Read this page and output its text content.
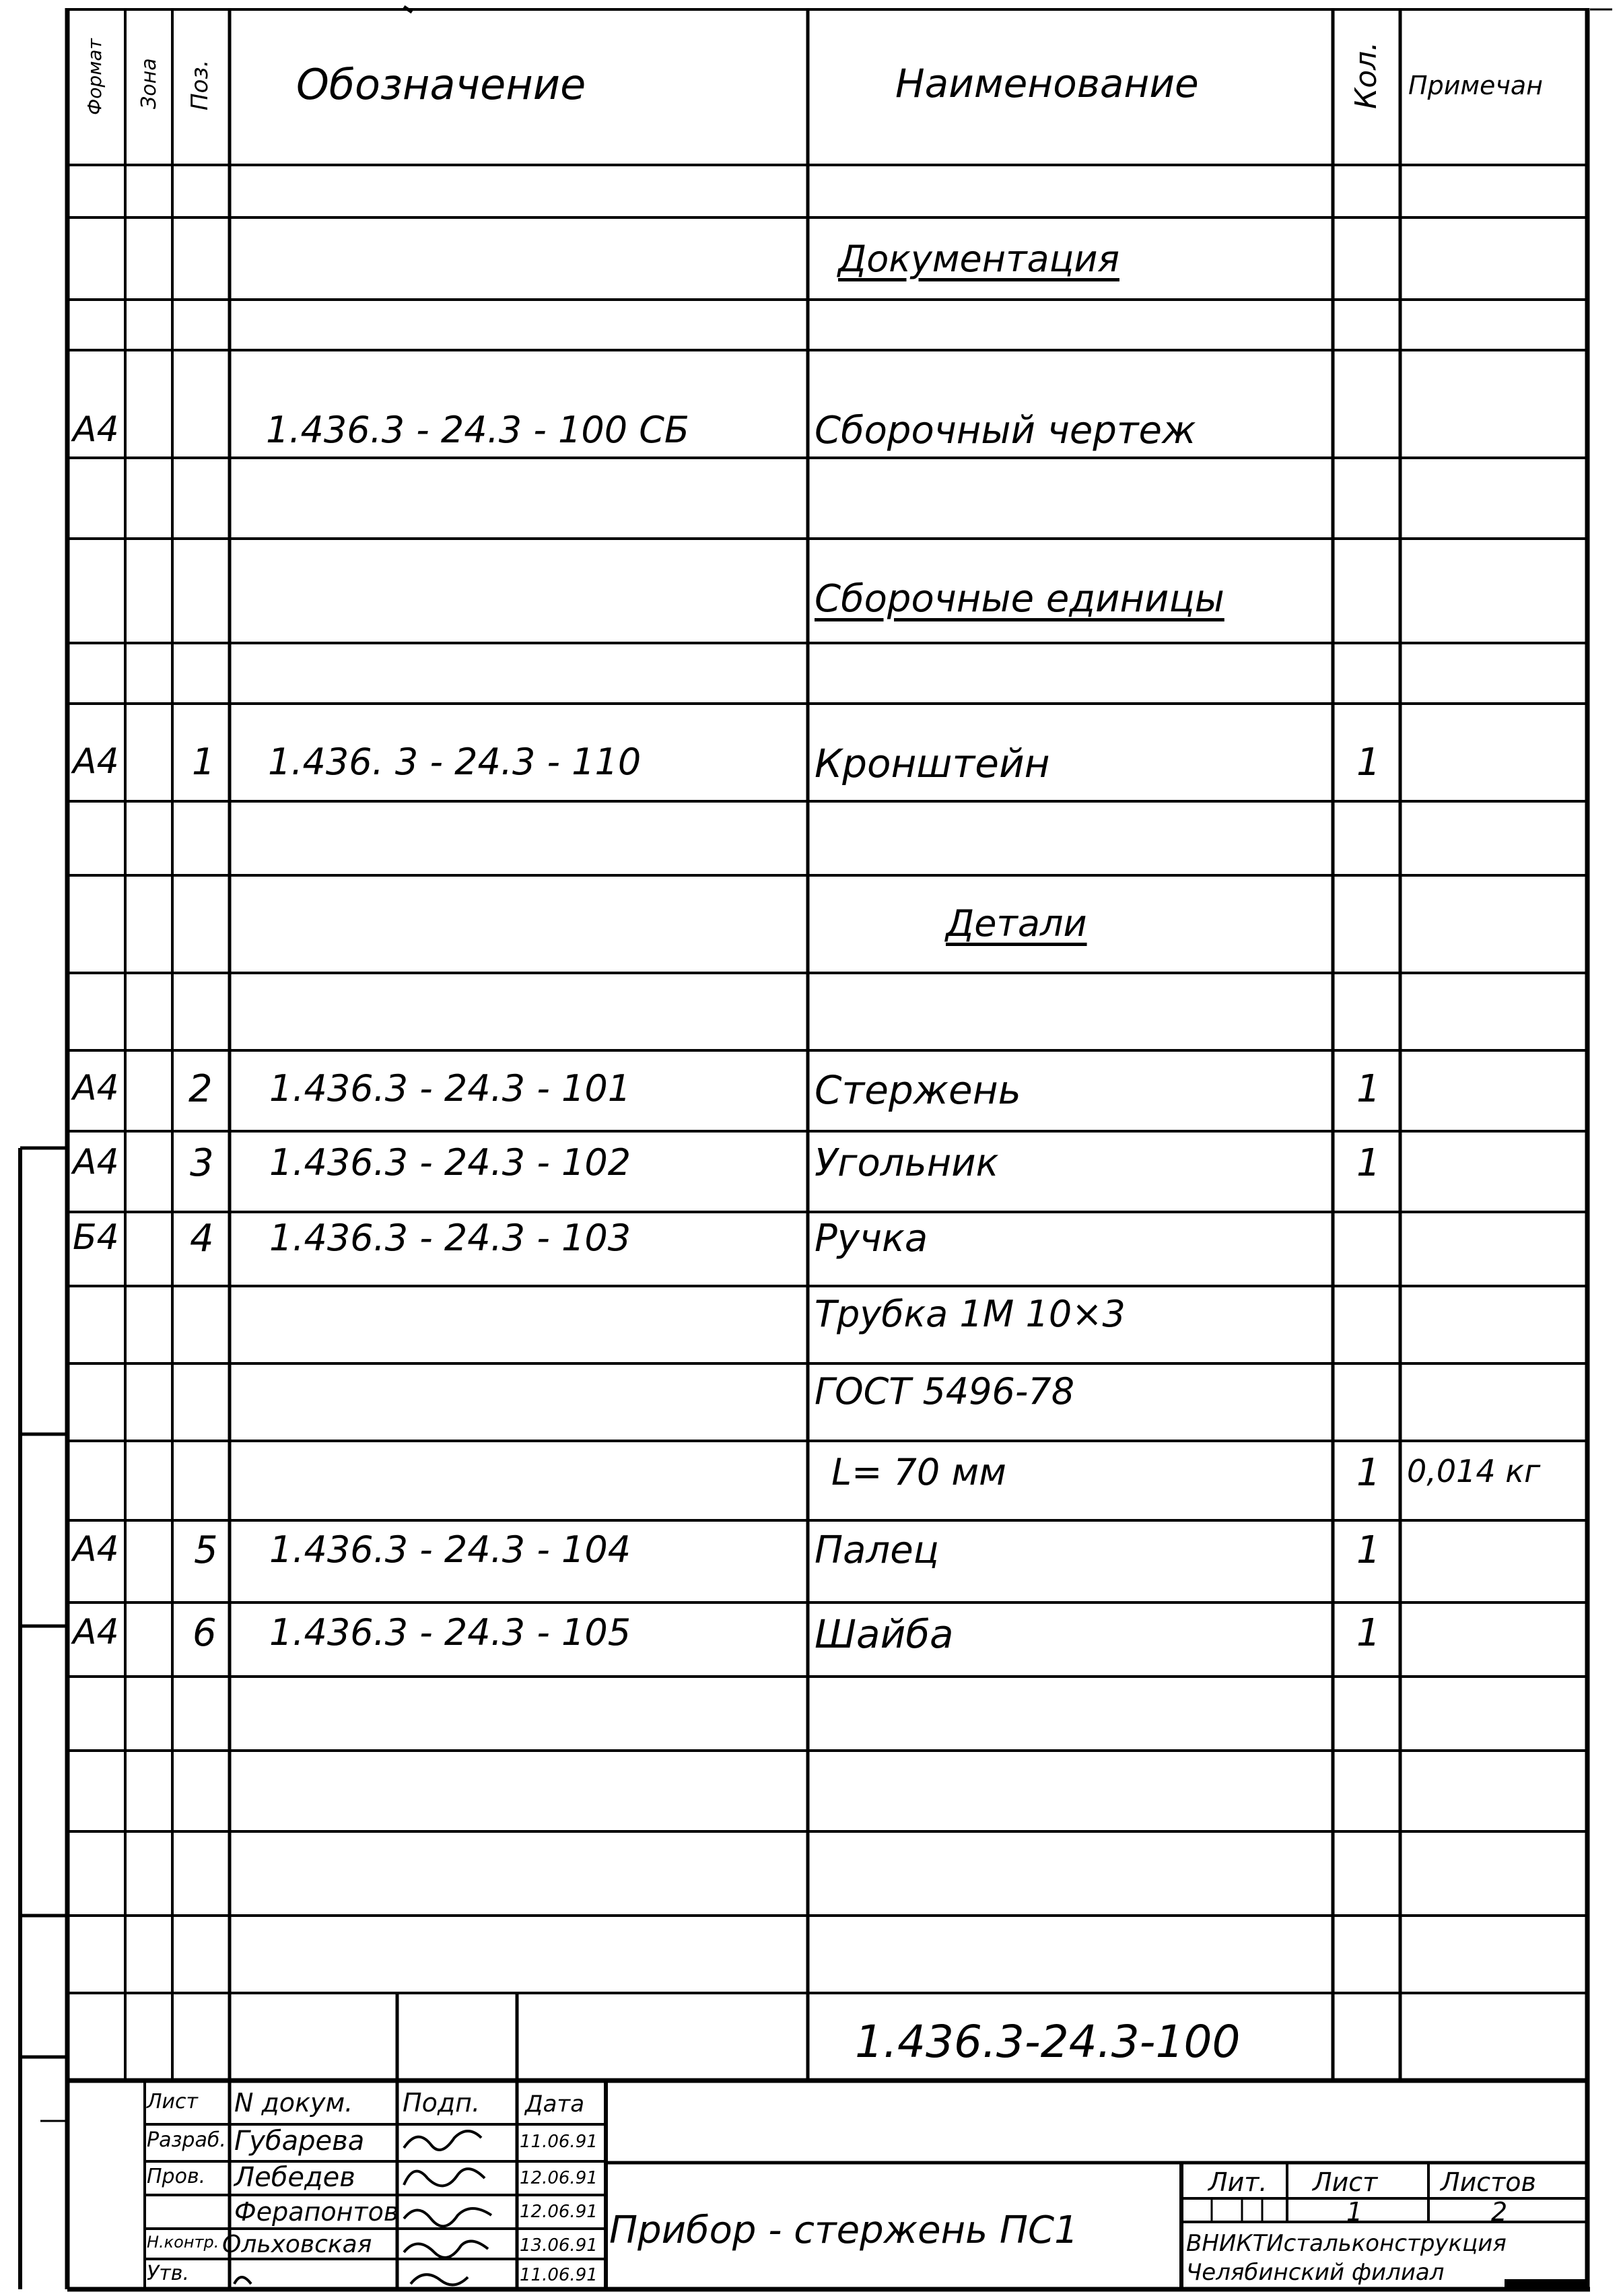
Формат Зона Поз. Обозначение	Наименование	Кол. Примечан
Документация
А4	1.436.3 - 24.3 - 100 СБ	Сборочный чертеж
Сборочные единицы
А4 1 1.436. 3 - 24.3 - 110	Кронштейн	1
Детали
А4 2 1.436.3 - 24.3 - 101	Стержень	1
А4 3 1.436.3 - 24.3 - 102	Угольник	1
Б4 4 1.436.3 - 24.3 - 103	Ручка
Трубка 1М 10×3
ГОСТ 5496-78
L= 70 мм	1 0,014 кг
А4 5 1.436.3 - 24.3 - 104	Палец	1
А4 6 1.436.3 - 24.3 - 105	Шайба	1
1.436.3-24.3-100
Прибор - стержень ПС1
Лист N докум. Подп. Дата
Разраб. Губарева	11.06.91
Пров. Лебедев	12.06.91
Ферапонтов	12.06.91
Н.контр. Ольховская	13.06.91
Утв.	11.06.91
Лит. Лист Листов
1	2
ВНИКТИстальконструкция
Челябинский филиал
